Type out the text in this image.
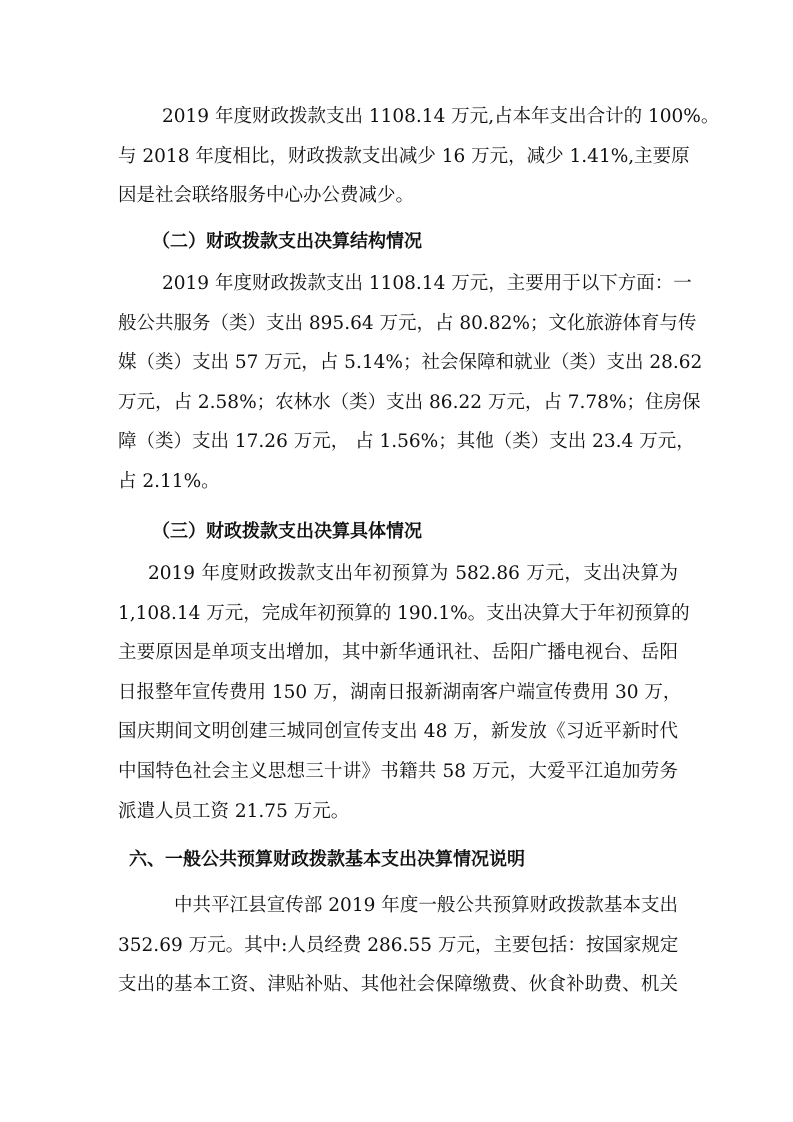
2019 年度财政拨款支出 1108.14 万元,占本年支出合计的 100%。
与 2018 年度相比，财政拨款支出减少 16 万元，减少 1.41%,主要原
因是社会联络服务中心办公费减少。
（二）财政拨款支出决算结构情况
2019 年度财政拨款支出 1108.14 万元，主要用于以下方面：一
般公共服务（类）支出 895.64 万元，占 80.82%；文化旅游体育与传
媒（类）支出 57 万元，占 5.14%；社会保障和就业（类）支出 28.62
万元，占 2.58%；农林水（类）支出 86.22 万元，占 7.78%；住房保
障（类）支出 17.26 万元， 占 1.56%；其他（类）支出 23.4 万元，
占 2.11%。
（三）财政拨款支出决算具体情况
2019 年度财政拨款支出年初预算为 582.86 万元，支出决算为
1,108.14 万元，完成年初预算的 190.1%。支出决算大于年初预算的
主要原因是单项支出增加，其中新华通讯社、岳阳广播电视台、岳阳
日报整年宣传费用 150 万，湖南日报新湖南客户端宣传费用 30 万，
国庆期间文明创建三城同创宣传支出 48 万，新发放《习近平新时代
中国特色社会主义思想三十讲》书籍共 58 万元，大爱平江追加劳务
派遣人员工资 21.75 万元。
六、一般公共预算财政拨款基本支出决算情况说明
中共平江县宣传部 2019 年度一般公共预算财政拨款基本支出
352.69 万元。其中:人员经费 286.55 万元，主要包括：按国家规定
支出的基本工资、津贴补贴、其他社会保障缴费、伙食补助费、机关
